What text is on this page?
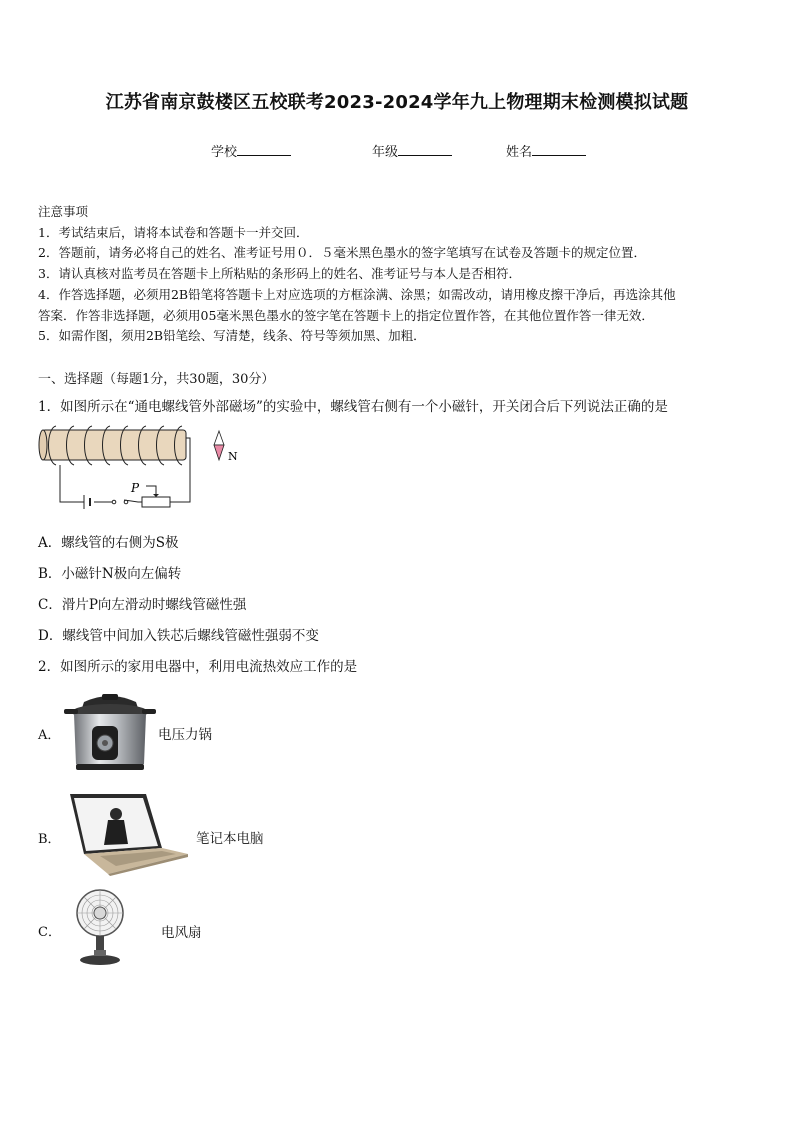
江苏省南京鼓楼区五校联考2023-2024学年九上物理期末检测模拟试题
学校	年级	姓名

注意事项

1．考试结束后，请将本试卷和答题卡一并交回．

2．答题前，请务必将自己的姓名、准考证号用０．５毫米黑色墨水的签字笔填写在试卷及答题卡的规定位置．

3．请认真核对监考员在答题卡上所粘贴的条形码上的姓名、准考证号与本人是否相符．

4．作答选择题，必须用2B铅笔将答题卡上对应选项的方框涂满、涂黑；如需改动，请用橡皮擦干净后，再选涂其他

答案．作答非选择题，必须用05毫米黑色墨水的签字笔在答题卡上的指定位置作答，在其他位置作答一律无效．

5．如需作图，须用2B铅笔绘、写清楚，线条、符号等须加黑、加粗．

一、选择题（每题1分，共30题，30分）
1．如图所示在“通电螺线管外部磁场”的实验中，螺线管右侧有一个小磁针，开关闭合后下列说法正确的是
P
N
A．螺线管的右侧为S极
B．小磁针N极向左偏转
C．滑片P向左滑动时螺线管磁性强
D．螺线管中间加入铁芯后螺线管磁性强弱不变
2．如图所示的家用电器中，利用电流热效应工作的是
A．	电压力锅
B．	笔记本电脑
C．	电风扇
